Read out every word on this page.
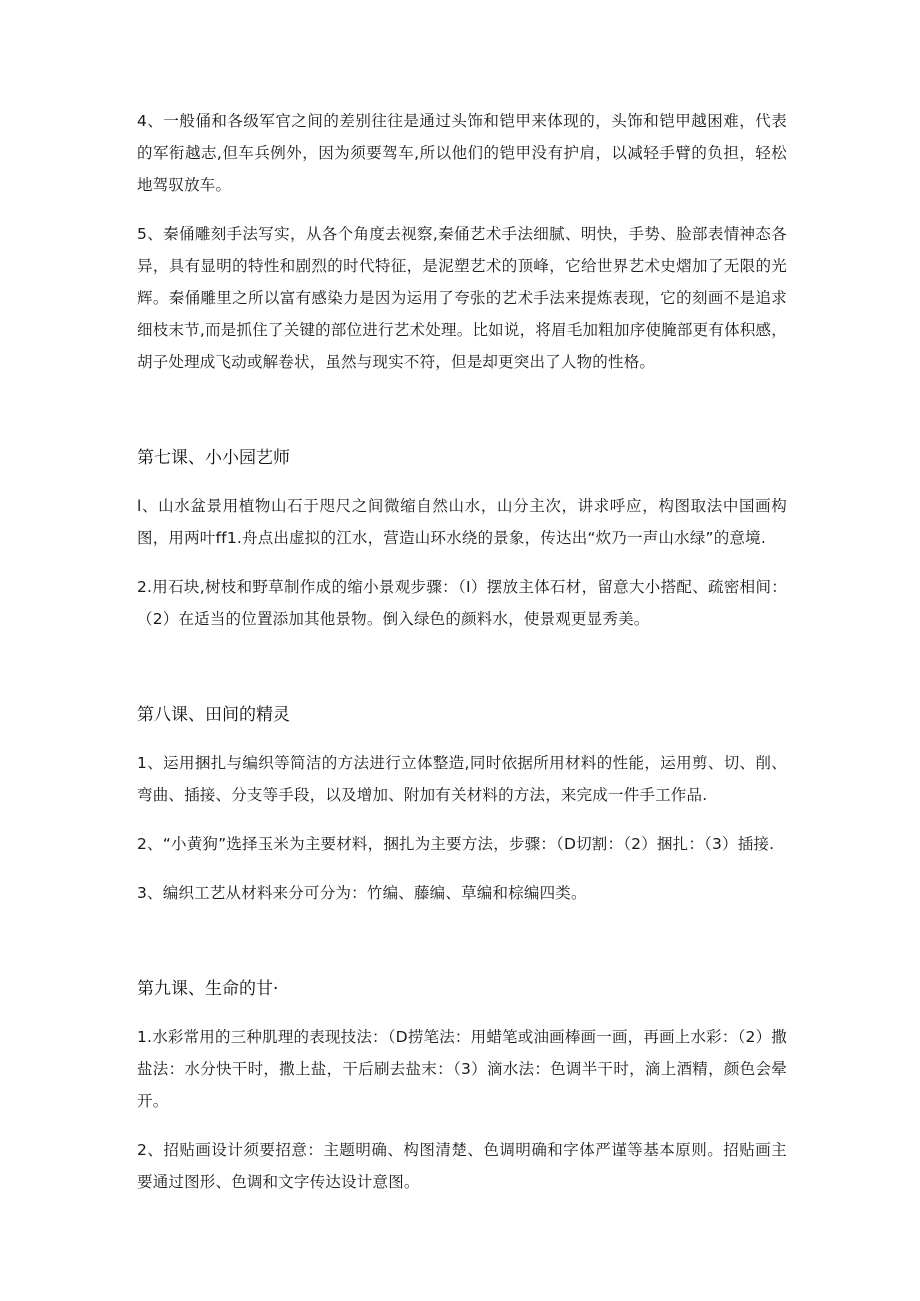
4、一般俑和各级军官之间的差别往往是通过头饰和铠甲来体现的，头饰和铠甲越困难，代表的军衔越志,但车兵例外，因为须要驾车,所以他们的铠甲没有护肩，以减轻手臂的负担，轻松地驾驭放车。

5、秦俑雕刻手法写实，从各个角度去视察,秦俑艺术手法细腻、明快，手势、脸部表情神态各异，具有显明的特性和剧烈的时代特征，是泥塑艺术的顶峰，它给世界艺术史熠加了无限的光辉。秦俑雕里之所以富有感染力是因为运用了夸张的艺术手法来提炼表现，它的刻画不是追求细枝末节,而是抓住了关键的部位进行艺术处理。比如说，将眉毛加粗加序使腌部更有体积感，胡子处理成飞动或解卷状，虽然与现实不符，但是却更突出了人物的性格。

第七课、小小园艺师

l、山水盆景用植物山石于咫尺之间微缩自然山水，山分主次，讲求呼应，构图取法中国画构图，用两叶ff1.舟点出虚拟的江水，营造山环水绕的景象，传达出“炊乃一声山水绿”的意境.

2.用石块,树枝和野草制作成的缩小景观步骤：（I）摆放主体石材，留意大小搭配、疏密相间：（2）在适当的位置添加其他景物。倒入绿色的颜料水，使景观更显秀美。

第八课、田间的精灵

1、运用捆扎与编织等简洁的方法进行立体整造,同时依据所用材料的性能，运用剪、切、削、弯曲、插接、分支等手段，以及增加、附加有关材料的方法，来完成一件手工作品.

2、“小黄狗”选择玉米为主要材料，捆扎为主要方法，步骤：（D切割：（2）捆扎：（3）插接.

3、编织工艺从材料来分可分为：竹编、藤编、草编和棕编四类。

第九课、生命的甘·

1.水彩常用的三种肌理的表现技法：（D捞笔法：用蜡笔或油画棒画一画，再画上水彩：（2）撒盐法：水分快干时，撒上盐，干后刷去盐末：（3）滴水法：色调半干时，滴上酒精，颜色会晕开。

2、招贴画设计须要招意：主题明确、构图清楚、色调明确和字体严谨等基本原则。招贴画主要通过图形、色调和文字传达设计意图。
